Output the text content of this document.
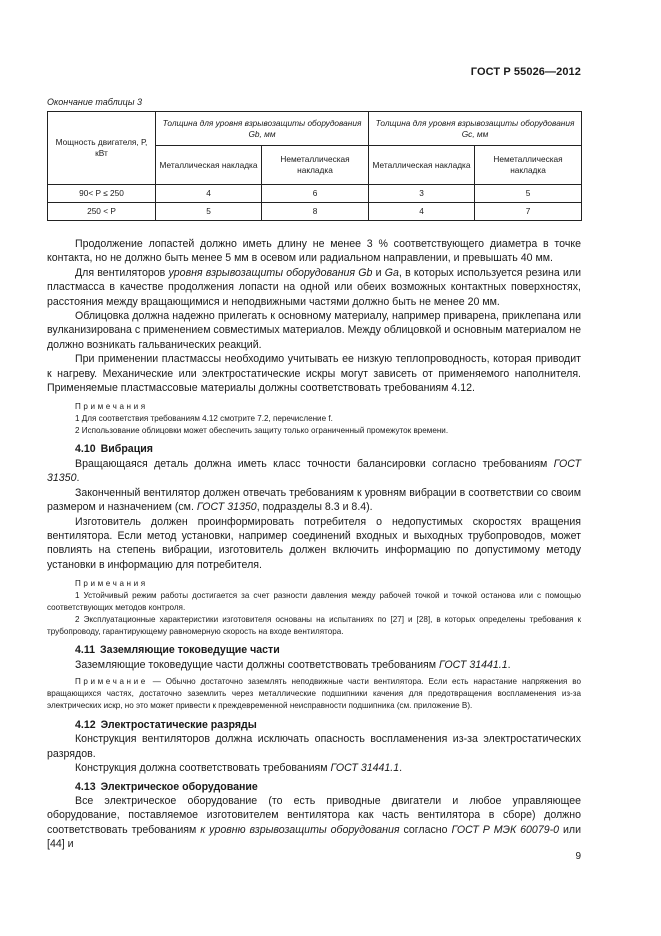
ГОСТ Р 55026—2012
Окончание таблицы 3
Мощность двигателя, Р, кВт	Толщина для уровня взрывозащиты оборудования Gb, мм		Толщина для уровня взрывозащиты оборудования Gc, мм	
	Металлическая накладка	Неметаллическая накладка	Металлическая накладка	Неметаллическая накладка
90< P ≤ 250	4	6	3	5
250 < P	5	8	4	7

Продолжение лопастей должно иметь длину не менее 3 % соответствующего диаметра в точке контакта, но не должно быть менее 5 мм в осевом или радиальном направлении, и превышать 40 мм.

Для вентиляторов уровня взрывозащиты оборудования Gb и Ga, в которых используется резина или пластмасса в качестве продолжения лопасти на одной или обеих возможных контактных поверхностях, расстояния между вращающимися и неподвижными частями должно быть не менее 20 мм.

Облицовка должна надежно прилегать к основному материалу, например приварена, приклепана или вулканизирована с применением совместимых материалов. Между облицовкой и основным материалом не должно возникать гальванических реакций.

При применении пластмассы необходимо учитывать ее низкую теплопроводность, которая приводит к нагреву. Механические или электростатические искры могут зависеть от применяемого наполнителя. Применяемые пластмассовые материалы должны соответствовать требованиям 4.12.

Примечания

1 Для соответствия требованиям 4.12 смотрите 7.2, перечисление f.

2 Использование облицовки может обеспечить защиту только ограниченный промежуток времени.

4.10 Вибрация

Вращающаяся деталь должна иметь класс точности балансировки согласно требованиям ГОСТ 31350.

Законченный вентилятор должен отвечать требованиям к уровням вибрации в соответствии со своим размером и назначением (см. ГОСТ 31350, подразделы 8.3 и 8.4).

Изготовитель должен проинформировать потребителя о недопустимых скоростях вращения вентилятора. Если метод установки, например соединений входных и выходных трубопроводов, может повлиять на степень вибрации, изготовитель должен включить информацию по допустимому методу установки в информацию для потребителя.

Примечания

1 Устойчивый режим работы достигается за счет разности давления между рабочей точкой и точкой останова или с помощью соответствующих методов контроля.

2 Эксплуатационные характеристики изготовителя основаны на испытаниях по [27] и [28], в которых определены требования к трубопроводу, гарантирующему равномерную скорость на входе вентилятора.

4.11 Заземляющие токоведущие части

Заземляющие токоведущие части должны соответствовать требованиям ГОСТ 31441.1.

Примечание — Обычно достаточно заземлять неподвижные части вентилятора. Если есть нарастание напряжения во вращающихся частях, достаточно заземлить через металлические подшипники качения для предотвращения воспламенения из-за электрических искр, но это может привести к преждевременной неисправности подшипника (см. приложение В).

4.12 Электростатические разряды

Конструкция вентиляторов должна исключать опасность воспламенения из-за электростатических разрядов.

Конструкция должна соответствовать требованиям ГОСТ 31441.1.

4.13 Электрическое оборудование

Все электрическое оборудование (то есть приводные двигатели и любое управляющее оборудование, поставляемое изготовителем вентилятора как часть вентилятора в сборе) должно соответствовать требованиям к уровню взрывозащиты оборудования согласно ГОСТ Р МЭК 60079-0 или [44] и

9
